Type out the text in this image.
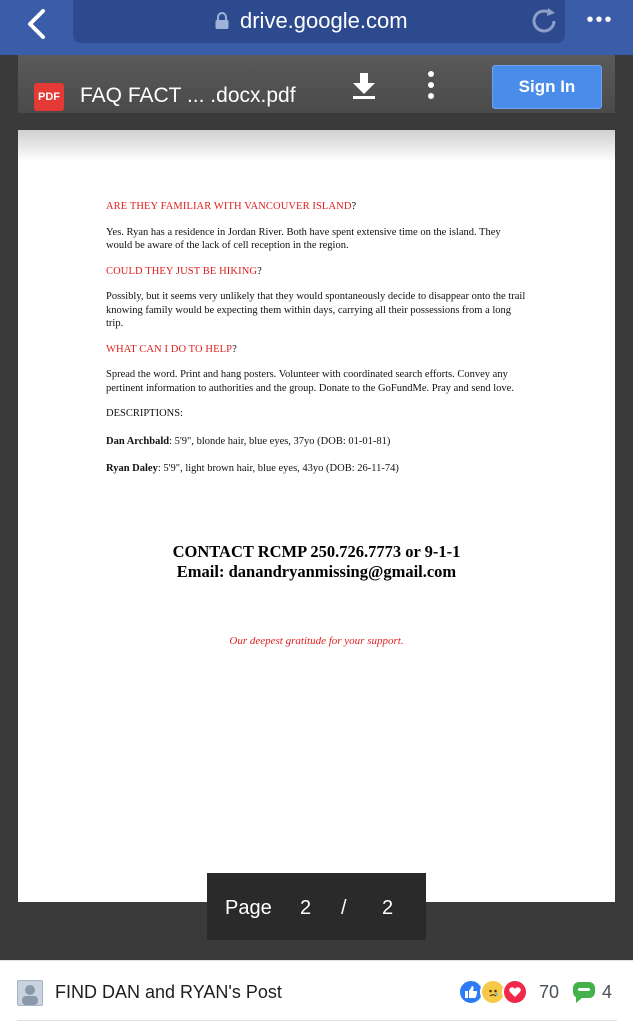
drive.google.com	•••
PDF FAQ FACT ... .docx.pdf	Sign In
ARE THEY FAMILIAR WITH VANCOUVER ISLAND?
Yes. Ryan has a residence in Jordan River. Both have spent extensive time on the island. They would be aware of the lack of cell reception in the region.
COULD THEY JUST BE HIKING?
Possibly, but it seems very unlikely that they would spontaneously decide to disappear onto the trail knowing family would be expecting them within days, carrying all their possessions from a long trip.
WHAT CAN I DO TO HELP?
Spread the word. Print and hang posters. Volunteer with coordinated search efforts. Convey any pertinent information to authorities and the group. Donate to the GoFundMe. Pray and send love.
DESCRIPTIONS:
Dan Archbald: 5'9", blonde hair, blue eyes, 37yo (DOB: 01-01-81)
Ryan Daley: 5'9", light brown hair, blue eyes, 43yo (DOB: 26-11-74)
CONTACT RCMP 250.726.7773 or 9-1-1
Email: danandryanmissing@gmail.com
Our deepest gratitude for your support.
Page 2 / 2
FIND DAN and RYAN's Post	70 4
